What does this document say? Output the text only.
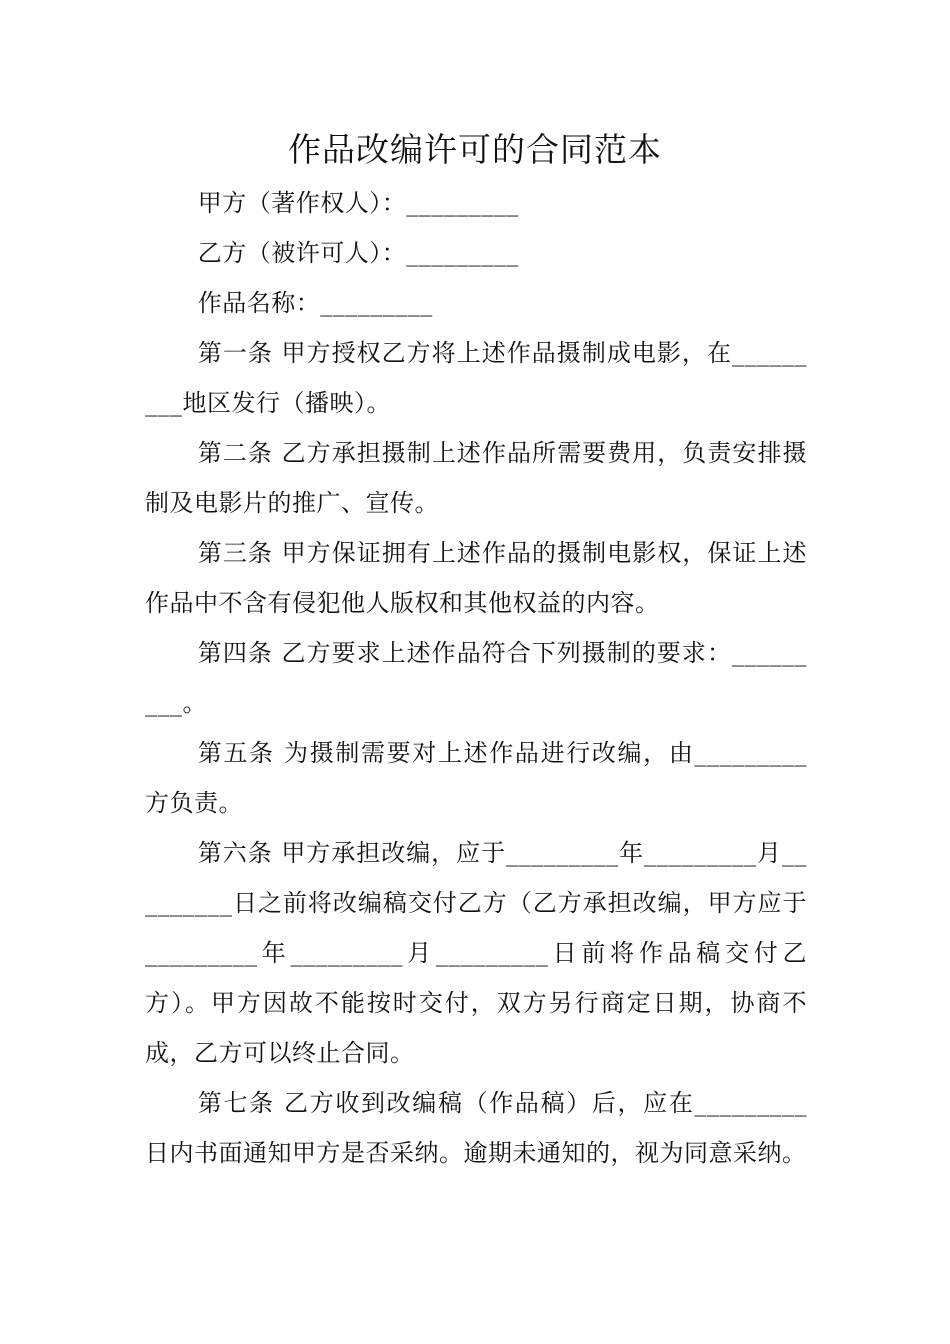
作品改编许可的合同范本

甲方（著作权人）：_________

乙方（被许可人）：_________

作品名称：_________

第一条 甲方授权乙方将上述作品摄制成电影，在_________地区发行（播映）。

第二条 乙方承担摄制上述作品所需要费用，负责安排摄制及电影片的推广、宣传。

第三条 甲方保证拥有上述作品的摄制电影权，保证上述作品中不含有侵犯他人版权和其他权益的内容。

第四条 乙方要求上述作品符合下列摄制的要求：_________。

第五条 为摄制需要对上述作品进行改编，由_________方负责。

第六条 甲方承担改编，应于_________年_________月_________日之前将改编稿交付乙方（乙方承担改编，甲方应于_________年_________月_________日前将作品稿交付乙方）。甲方因故不能按时交付，双方另行商定日期，协商不成，乙方可以终止合同。

第七条 乙方收到改编稿（作品稿）后，应在_________日内书面通知甲方是否采纳。逾期未通知的，视为同意采纳。
